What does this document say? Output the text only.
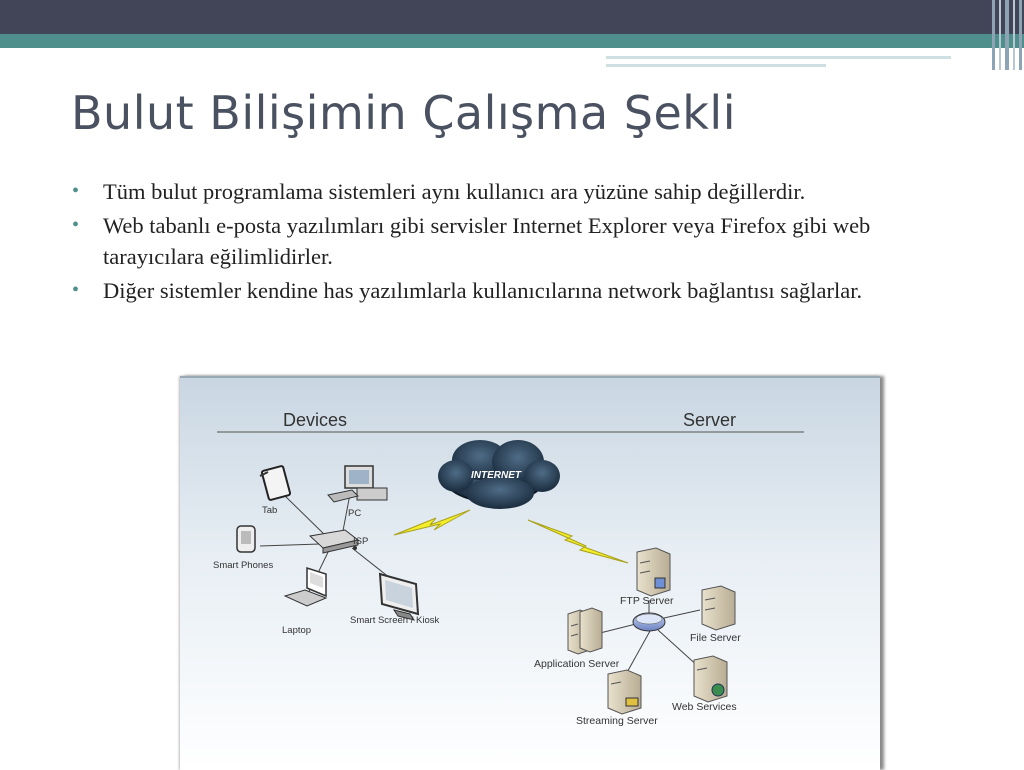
Bulut Bilişimin Çalışma Şekli
• Tüm bulut programlama sistemleri aynı kullanıcı ara yüzüne sahip değillerdir.
• Web tabanlı e-posta yazılımları gibi servisler Internet Explorer veya Firefox gibi web tarayıcılara eğilimlidirler.
• Diğer sistemler kendine has yazılımlarla kullanıcılarına network bağlantısı sağlarlar.
Devices	Server
Tab	PC
ISP
Smart Phones
Laptop
Smart Screen / Kiosk
INTERNET
FTP Server
File Server
Application Server
Web Services
Streaming Server
